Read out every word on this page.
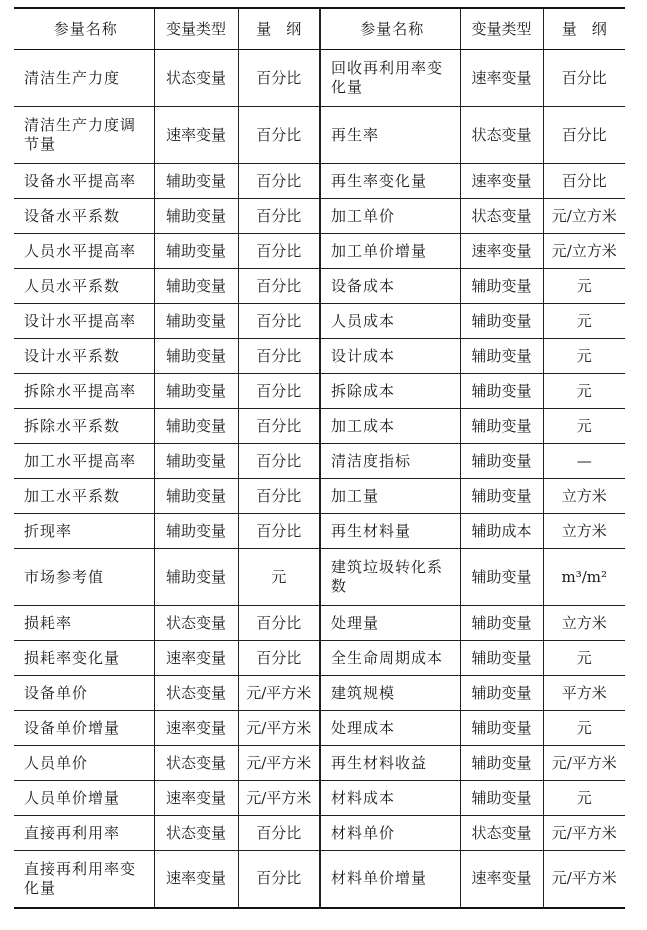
参量名称	变量类型	量　纲	参量名称	变量类型	量　纲
清洁生产力度	状态变量	百分比	回收再利用率变化量	速率变量	百分比
清洁生产力度调节量	速率变量	百分比	再生率	状态变量	百分比
设备水平提高率	辅助变量	百分比	再生率变化量	速率变量	百分比
设备水平系数	辅助变量	百分比	加工单价	状态变量	元/立方米
人员水平提高率	辅助变量	百分比	加工单价增量	速率变量	元/立方米
人员水平系数	辅助变量	百分比	设备成本	辅助变量	元
设计水平提高率	辅助变量	百分比	人员成本	辅助变量	元
设计水平系数	辅助变量	百分比	设计成本	辅助变量	元
拆除水平提高率	辅助变量	百分比	拆除成本	辅助变量	元
拆除水平系数	辅助变量	百分比	加工成本	辅助变量	元
加工水平提高率	辅助变量	百分比	清洁度指标	辅助变量	—
加工水平系数	辅助变量	百分比	加工量	辅助变量	立方米
折现率	辅助变量	百分比	再生材料量	辅助成本	立方米
市场参考值	辅助变量	元	建筑垃圾转化系数	辅助变量	m³/m²
损耗率	状态变量	百分比	处理量	辅助变量	立方米
损耗率变化量	速率变量	百分比	全生命周期成本	辅助变量	元
设备单价	状态变量	元/平方米	建筑规模	辅助变量	平方米
设备单价增量	速率变量	元/平方米	处理成本	辅助变量	元
人员单价	状态变量	元/平方米	再生材料收益	辅助变量	元/平方米
人员单价增量	速率变量	元/平方米	材料成本	辅助变量	元
直接再利用率	状态变量	百分比	材料单价	状态变量	元/平方米
直接再利用率变化量	速率变量	百分比	材料单价增量	速率变量	元/平方米
